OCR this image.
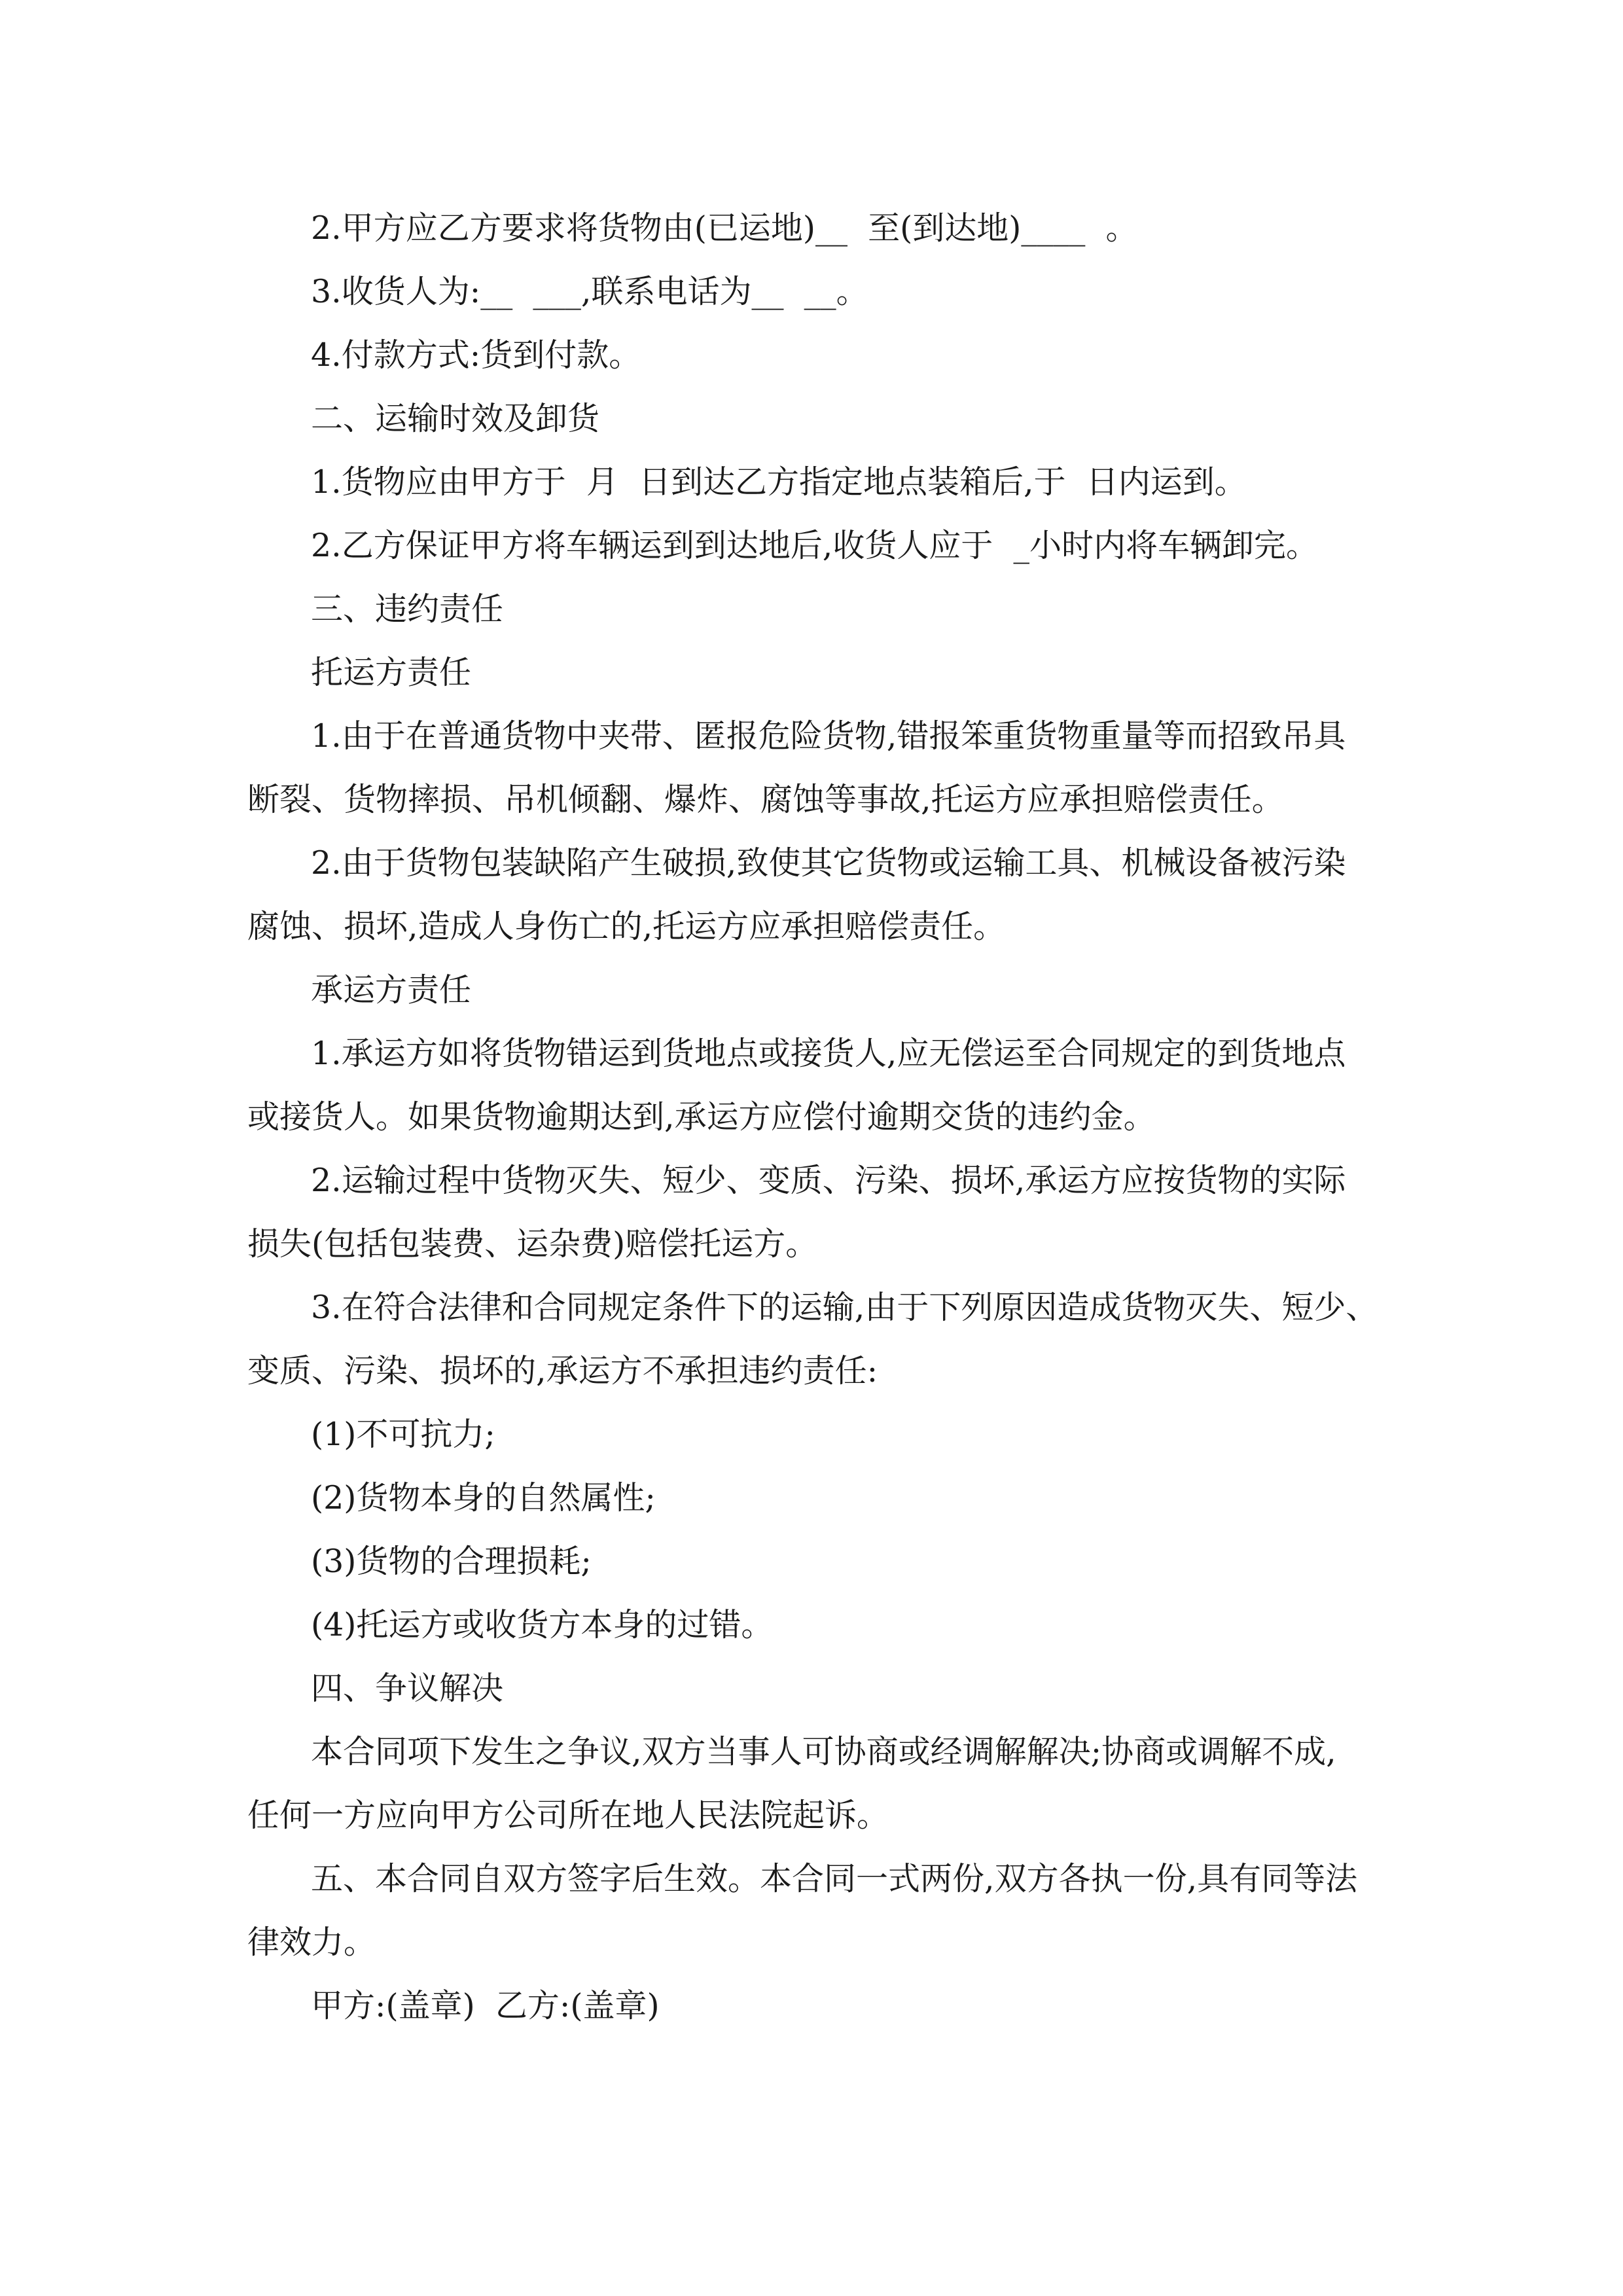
2.甲方应乙方要求将货物由(已运地)__  至(到达地)____  。

3.收货人为:__  ___,联系电话为__  __。

4.付款方式:货到付款。

二、运输时效及卸货

1.货物应由甲方于  月  日到达乙方指定地点装箱后,于  日内运到。

2.乙方保证甲方将车辆运到到达地后,收货人应于  _小时内将车辆卸完。

三、违约责任

托运方责任

1.由于在普通货物中夹带、匿报危险货物,错报笨重货物重量等而招致吊具
断裂、货物摔损、吊机倾翻、爆炸、腐蚀等事故,托运方应承担赔偿责任。

2.由于货物包装缺陷产生破损,致使其它货物或运输工具、机械设备被污染
腐蚀、损坏,造成人身伤亡的,托运方应承担赔偿责任。

承运方责任

1.承运方如将货物错运到货地点或接货人,应无偿运至合同规定的到货地点
或接货人。如果货物逾期达到,承运方应偿付逾期交货的违约金。

2.运输过程中货物灭失、短少、变质、污染、损坏,承运方应按货物的实际
损失(包括包装费、运杂费)赔偿托运方。

3.在符合法律和合同规定条件下的运输,由于下列原因造成货物灭失、短少、
变质、污染、损坏的,承运方不承担违约责任:

(1)不可抗力;

(2)货物本身的自然属性;

(3)货物的合理损耗;

(4)托运方或收货方本身的过错。

四、争议解决

本合同项下发生之争议,双方当事人可协商或经调解解决;协商或调解不成,
任何一方应向甲方公司所在地人民法院起诉。

五、本合同自双方签字后生效。本合同一式两份,双方各执一份,具有同等法
律效力。

甲方:(盖章)  乙方:(盖章)
